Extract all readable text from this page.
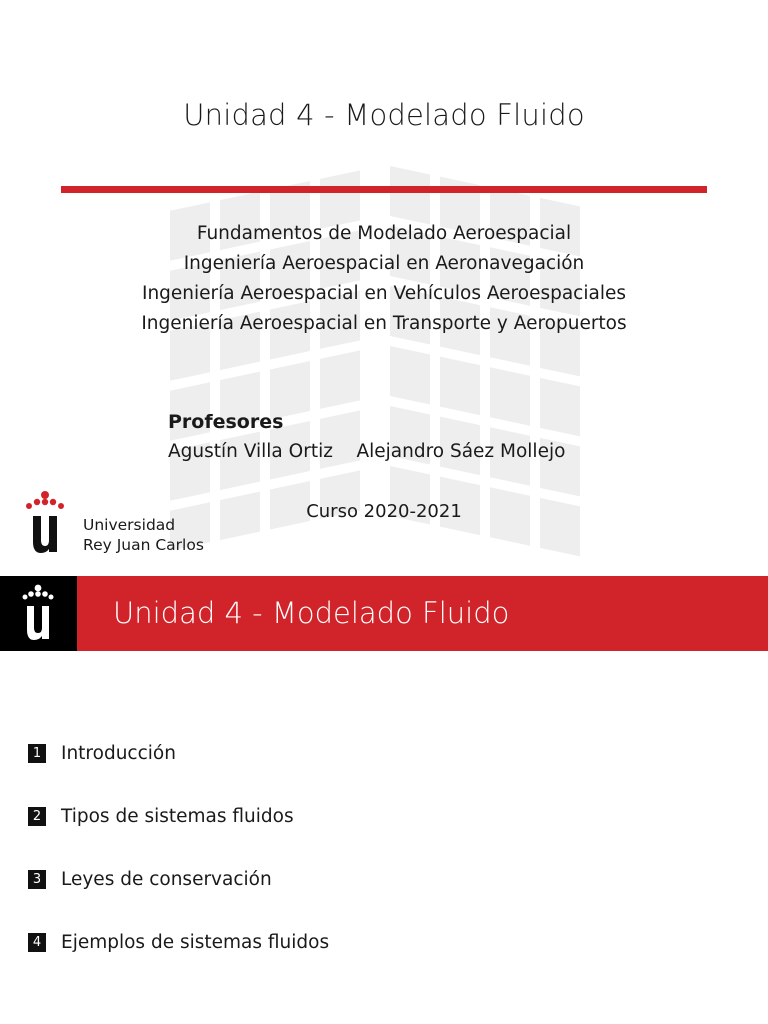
Unidad 4 - Modelado Fluido
Fundamentos de Modelado Aeroespacial
Ingeniería Aeroespacial en Aeronavegación
Ingeniería Aeroespacial en Vehículos Aeroespaciales
Ingeniería Aeroespacial en Transporte y Aeropuertos
Profesores
Agustín Villa Ortiz    Alejandro Sáez Mollejo
Curso 2020-2021
Universidad
Rey Juan Carlos
Unidad 4 - Modelado Fluido
1 Introducción
2 Tipos de sistemas fluidos
3 Leyes de conservación
4 Ejemplos de sistemas fluidos
